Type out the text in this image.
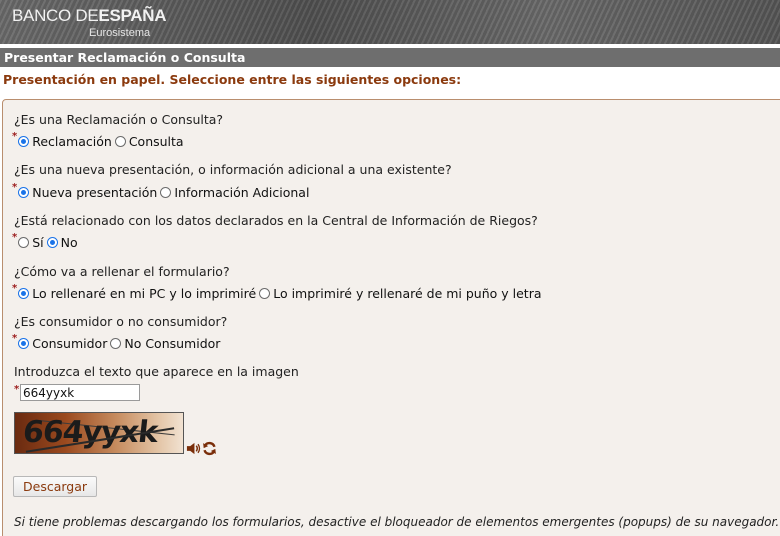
BANCO DEESPAÑA
Eurosistema
Presentar Reclamación o Consulta
Presentación en papel. Seleccione entre las siguientes opciones:
¿Es una Reclamación o Consulta?
* Reclamación Consulta
¿Es una nueva presentación, o información adicional a una existente?
* Nueva presentación Información Adicional
¿Está relacionado con los datos declarados en la Central de Información de Riegos?
* Sí No
¿Cómo va a rellenar el formulario?
* Lo rellenaré en mi PC y lo imprimiré Lo imprimiré y rellenaré de mi puño y letra
¿Es consumidor o no consumidor?
* Consumidor No Consumidor
Introduzca el texto que aparece en la imagen
*
664yyxk
664yyxk
Descargar
Si tiene problemas descargando los formularios, desactive el bloqueador de elementos emergentes (popups) de su navegador.
